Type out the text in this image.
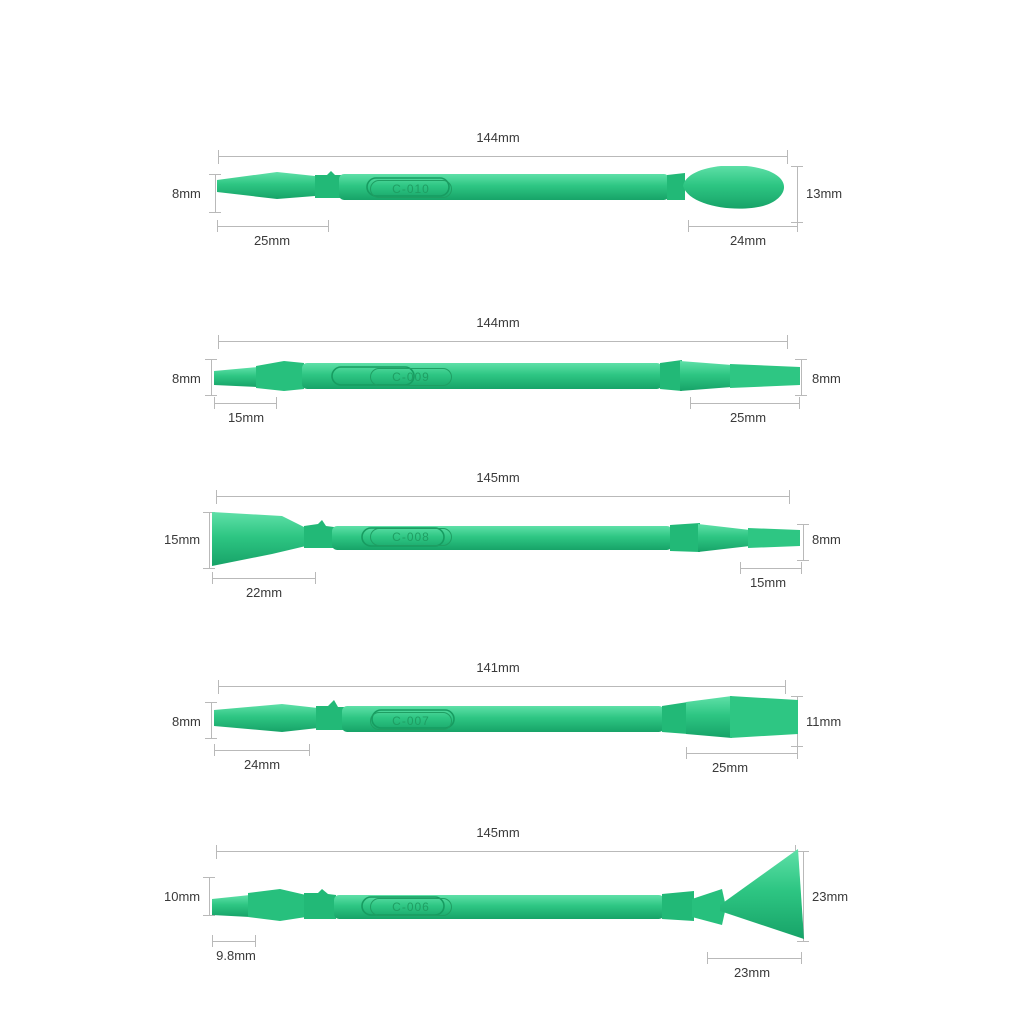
144mm
8mm	13mm
C-010
25mm	24mm
144mm
8mm	8mm
C-009
15mm	25mm
145mm
15mm	8mm
C-008
22mm
15mm
141mm
8mm	11mm
C-007
24mm	25mm
145mm
10mm	23mm
C-006
9.8mm
23mm
